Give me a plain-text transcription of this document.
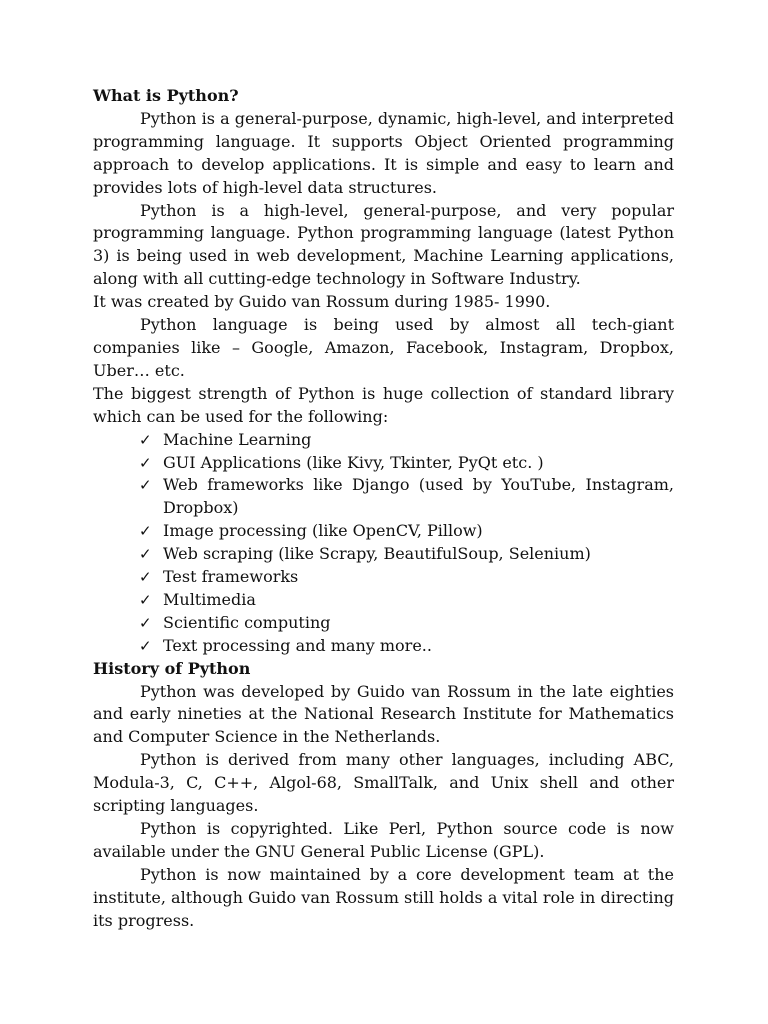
What is Python?

Python is a general-purpose, dynamic, high-level, and interpreted programming language. It supports Object Oriented programming approach to develop applications. It is simple and easy to learn and provides lots of high-level data structures.

Python is a high-level, general-purpose, and very popular programming language. Python programming language (latest Python 3) is being used in web development, Machine Learning applications, along with all cutting-edge technology in Software Industry.

It was created by Guido van Rossum during 1985- 1990.

Python language is being used by almost all tech-giant companies like – Google, Amazon, Facebook, Instagram, Dropbox, Uber… etc.

The biggest strength of Python is huge collection of standard library which can be used for the following:

✓ Machine Learning
✓ GUI Applications (like Kivy, Tkinter, PyQt etc. )
✓ Web frameworks like Django (used by YouTube, Instagram, Dropbox)
✓ Image processing (like OpenCV, Pillow)
✓ Web scraping (like Scrapy, BeautifulSoup, Selenium)
✓ Test frameworks
✓ Multimedia
✓ Scientific computing
✓ Text processing and many more..

History of Python

Python was developed by Guido van Rossum in the late eighties and early nineties at the National Research Institute for Mathematics and Computer Science in the Netherlands.

Python is derived from many other languages, including ABC, Modula-3, C, C++, Algol-68, SmallTalk, and Unix shell and other scripting languages.

Python is copyrighted. Like Perl, Python source code is now available under the GNU General Public License (GPL).

Python is now maintained by a core development team at the institute, although Guido van Rossum still holds a vital role in directing its progress.
